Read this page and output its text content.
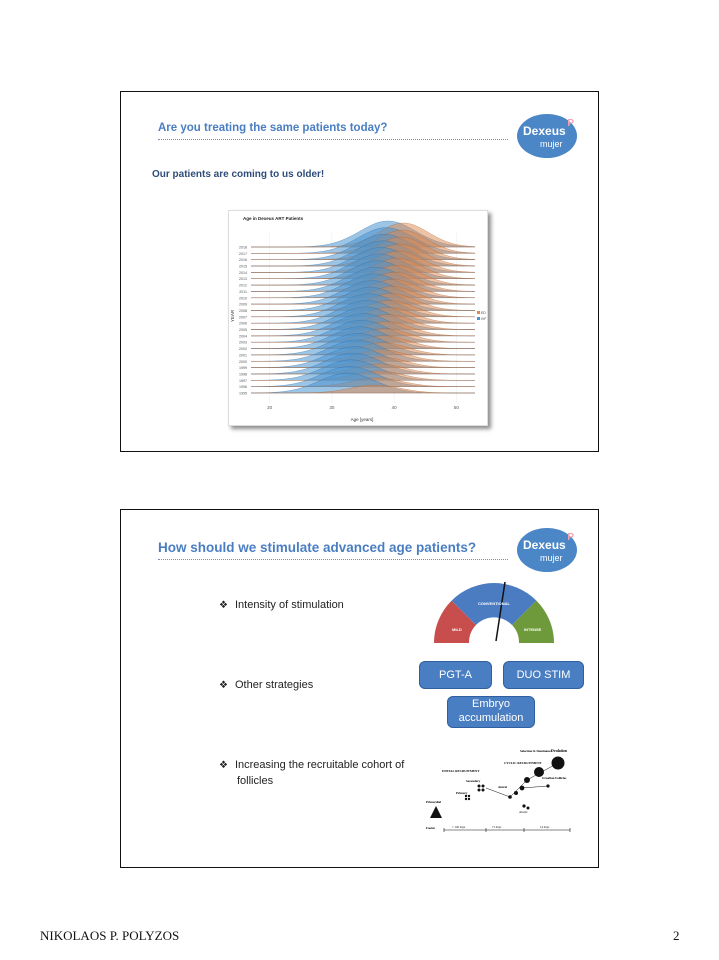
Are you treating the same patients today?	Dexeus
P
mujer
Our patients are coming to us older!
Age in Dexeus ART Patients
Age [years]
YEAR
2018
2017
2016
2015
2014
2013
2012
2011
2010
2009
2008
2007
2006
2005
2004
2003
2002
2001
2000
1999
1998
1997
1996
1995
20	30	40	50
ED
IVF
How should we stimulate advanced age patients?	Dexeus
P
mujer
❖ Intensity of stimulation
❖ Other strategies
❖ Increasing the recruitable cohort of
follicles
MILD
CONVENTIONAL
INTENSE
PGT-A	DUO STIM
Embryo accumulation
Ovulation
Selection & Dominance
CYCLIC RECRUITMENT
INITIAL RECRUITMENT
Secondary
Primary
Primordial
Antral
Graafian Follicles
Atretic
Foetus	> 120 days	71 days	14 days
NIKOLAOS P. POLYZOS	2
